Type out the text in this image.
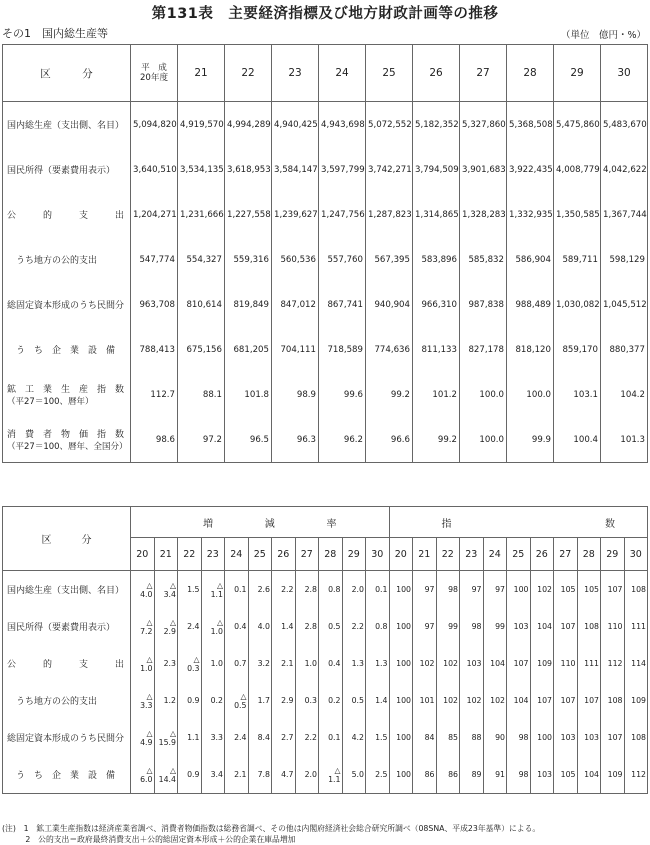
第131表　主要経済指標及び地方財政計画等の推移
その1　国内総生産等	（単位　億円・%）
区　　　分	平　成
20年度	21	22	23	24	25	26	27	28	29	30

国内総生産（支出側、名目）	5,094,820	4,919,570	4,994,289	4,940,425	4,943,698	5,072,552	5,182,352	5,327,860	5,368,508	5,475,860	5,483,670

国民所得（要素費用表示）	3,640,510	3,534,135	3,618,953	3,584,147	3,597,799	3,742,271	3,794,509	3,901,683	3,922,435	4,008,779	4,042,622

公　　　的　　　支　　　出	1,204,271	1,231,666	1,227,558	1,239,627	1,247,756	1,287,823	1,314,865	1,328,283	1,332,935	1,350,585	1,367,744

　うち地方の公的支出	547,774	554,327	559,316	560,536	557,760	567,395	583,896	585,832	586,904	589,711	598,129

総固定資本形成のうち民間分	963,708	810,614	819,849	847,012	867,741	940,904	966,310	987,838	988,489	1,030,082	1,045,512

　う　ち　企　業　設　備	788,413	675,156	681,205	704,111	718,589	774,636	811,133	827,178	818,120	859,170	880,377

鉱　工　業　生　産　指　数
（平27＝100、暦年）	112.7	88.1	101.8	98.9	99.6	99.2	101.2	100.0	100.0	103.1	104.2

消　費　者　物　価　指　数
（平27＝100、暦年、全国分）	98.6	97.2	96.5	96.3	96.2	96.6	99.2	100.0	99.9	100.4	101.3
区　　　分	増 減 率											指 数										

	20	21	22	23	24	25	26	27	28	29	30	20	21	22	23	24	25	26	27	28	29	30
国内総生産（支出側、名目）	△ 4.0	△ 3.4	1.5	△ 1.1	0.1	2.6	2.2	2.8	0.8	2.0	0.1	100	97	98	97	97	100	102	105	105	107	108
国民所得（要素費用表示）	△ 7.2	△ 2.9	2.4	△ 1.0	0.4	4.0	1.4	2.8	0.5	2.2	0.8	100	97	99	98	99	103	104	107	108	110	111
公　　　的　　　支　　　出	△ 1.0	2.3	△ 0.3	1.0	0.7	3.2	2.1	1.0	0.4	1.3	1.3	100	102	102	103	104	107	109	110	111	112	114
　うち地方の公的支出	△ 3.3	1.2	0.9	0.2	△ 0.5	1.7	2.9	0.3	0.2	0.5	1.4	100	101	102	102	102	104	107	107	107	108	109
総固定資本形成のうち民間分	△ 4.9	△ 15.9	1.1	3.3	2.4	8.4	2.7	2.2	0.1	4.2	1.5	100	84	85	88	90	98	100	103	103	107	108
　う　ち　企　業　設　備	△ 6.0	△ 14.4	0.9	3.4	2.1	7.8	4.7	2.0	△ 1.1	5.0	2.5	100	86	86	89	91	98	103	105	104	109	112
(注)　1　鉱工業生産指数は経済産業省調べ、消費者物価指数は総務省調べ、その他は内閣府経済社会総合研究所調べ（08SNA、平成23年基準）による。
　　　2　公的支出＝政府最終消費支出＋公的総固定資本形成＋公的企業在庫品増加
